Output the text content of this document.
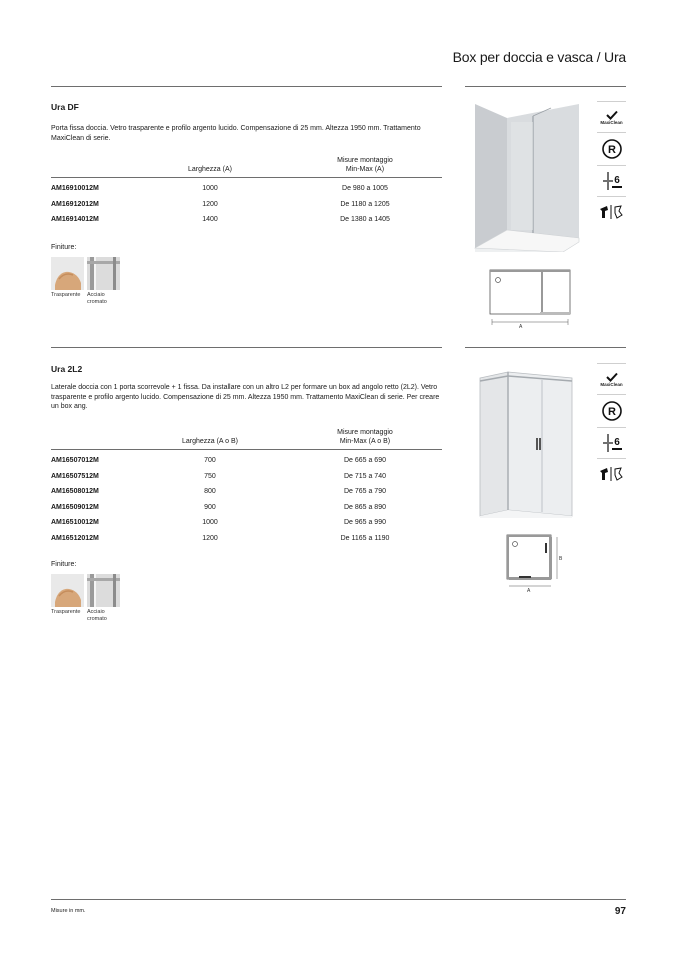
Box per doccia e vasca / Ura
Ura DF
Porta fissa doccia. Vetro trasparente e profilo argento lucido. Compensazione di 25 mm. Altezza 1950 mm. Trattamento MaxiClean di serie.
	Larghezza (A)	Misure montaggio Min-Max (A)
AM16910012M	1000	De 980 a 1005
AM16912012M	1200	De 1180 a 1205
AM16914012M	1400	De 1380 a 1405
Finiture:
Trasparente Acciaio cromato
A
MaxiClean
R
6
Ura 2L2
Laterale doccia con 1 porta scorrevole + 1 fissa. Da installare con un altro L2 per formare un box ad angolo retto (2L2). Vetro trasparente e profilo argento lucido. Compensazione di 25 mm. Altezza 1950 mm. Trattamento MaxiClean di serie. Per creare un box ang.
	Larghezza (A o B)	Misure montaggio Min-Max (A o B)
AM16507012M	700	De 665 a 690
AM16507512M	750	De 715 a 740
AM16508012M	800	De 765 a 790
AM16509012M	900	De 865 a 890
AM16510012M	1000	De 965 a 990
AM16512012M	1200	De 1165 a 1190
Finiture:
Trasparente Acciaio cromato
A
B
MaxiClean
R
6
Misure in mm.	97
